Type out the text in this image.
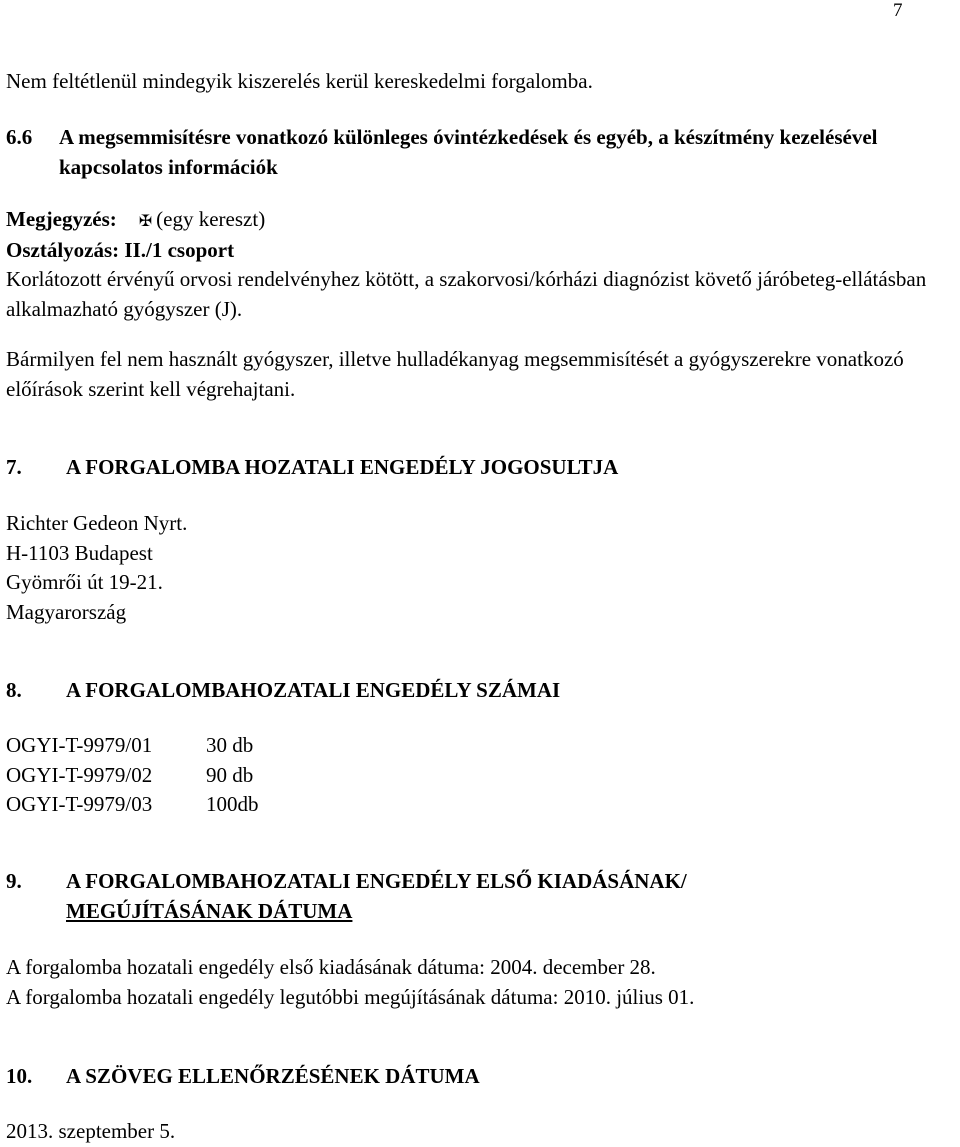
7
Nem feltétlenül mindegyik kiszerelés kerül kereskedelmi forgalomba.
6.6	A megsemmisítésre vonatkozó különleges óvintézkedések és egyéb, a készítmény kezelésével kapcsolatos információk
Megjegyzés: ✠ (egy kereszt)
Osztályozás: II./1 csoport
Korlátozott érvényű orvosi rendelvényhez kötött, a szakorvosi/kórházi diagnózist követő járóbeteg-ellátásban alkalmazható gyógyszer (J).
Bármilyen fel nem használt gyógyszer, illetve hulladékanyag megsemmisítését a gyógyszerekre vonatkozó előírások szerint kell végrehajtani.
7.	A FORGALOMBA HOZATALI ENGEDÉLY JOGOSULTJA
Richter Gedeon Nyrt.
H-1103 Budapest
Gyömrői út 19-21.
Magyarország
8.	A FORGALOMBAHOZATALI ENGEDÉLY SZÁMAI
OGYI-T-9979/01	30 db
OGYI-T-9979/02	90 db
OGYI-T-9979/03	100db
9.	A FORGALOMBAHOZATALI ENGEDÉLY ELSŐ KIADÁSÁNAK/
MEGÚJÍTÁSÁNAK DÁTUMA
A forgalomba hozatali engedély első kiadásának dátuma: 2004. december 28.
A forgalomba hozatali engedély legutóbbi megújításának dátuma: 2010. július 01.
10.	A SZÖVEG ELLENŐRZÉSÉNEK DÁTUMA
2013. szeptember 5.
